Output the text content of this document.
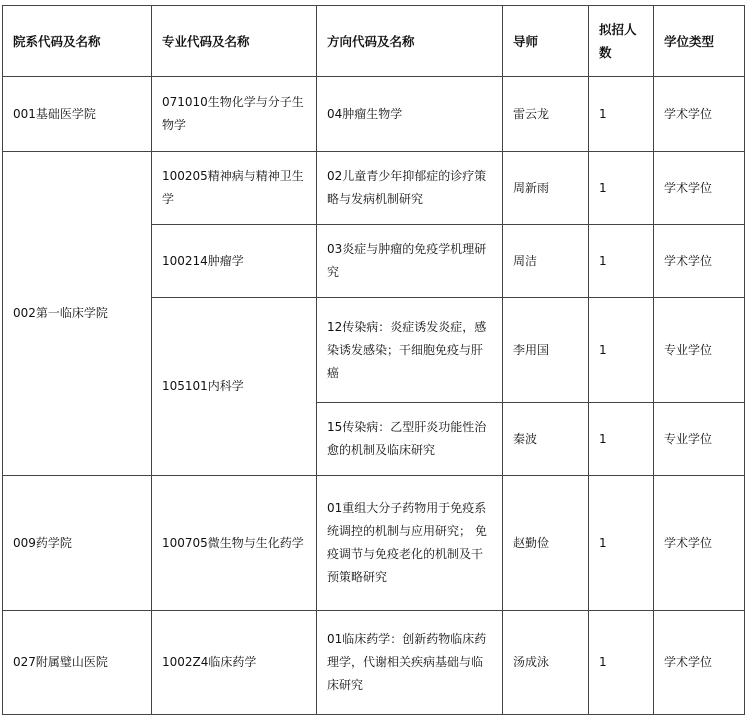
院系代码及名称	专业代码及名称	方向代码及名称	导师	拟招人数	学位类型
001基础医学院	071010生物化学与分子生物学	04肿瘤生物学	雷云龙	1	学术学位
002第一临床学院	100205精神病与精神卫生学	02儿童青少年抑郁症的诊疗策略与发病机制研究	周新雨	1	学术学位
	100214肿瘤学	03炎症与肿瘤的免疫学机理研究	周洁	1	学术学位
	105101内科学	12传染病：炎症诱发炎症，感染诱发感染；干细胞免疫与肝癌	李用国	1	专业学位
		15传染病：乙型肝炎功能性治愈的机制及临床研究	秦波	1	专业学位
009药学院	100705微生物与生化药学	01重组大分子药物用于免疫系统调控的机制与应用研究； 免疫调节与免疫老化的机制及干预策略研究	赵勤俭	1	学术学位
027附属璧山医院	1002Z4临床药学	01临床药学：创新药物临床药理学，代谢相关疾病基础与临床研究	汤成泳	1	学术学位
